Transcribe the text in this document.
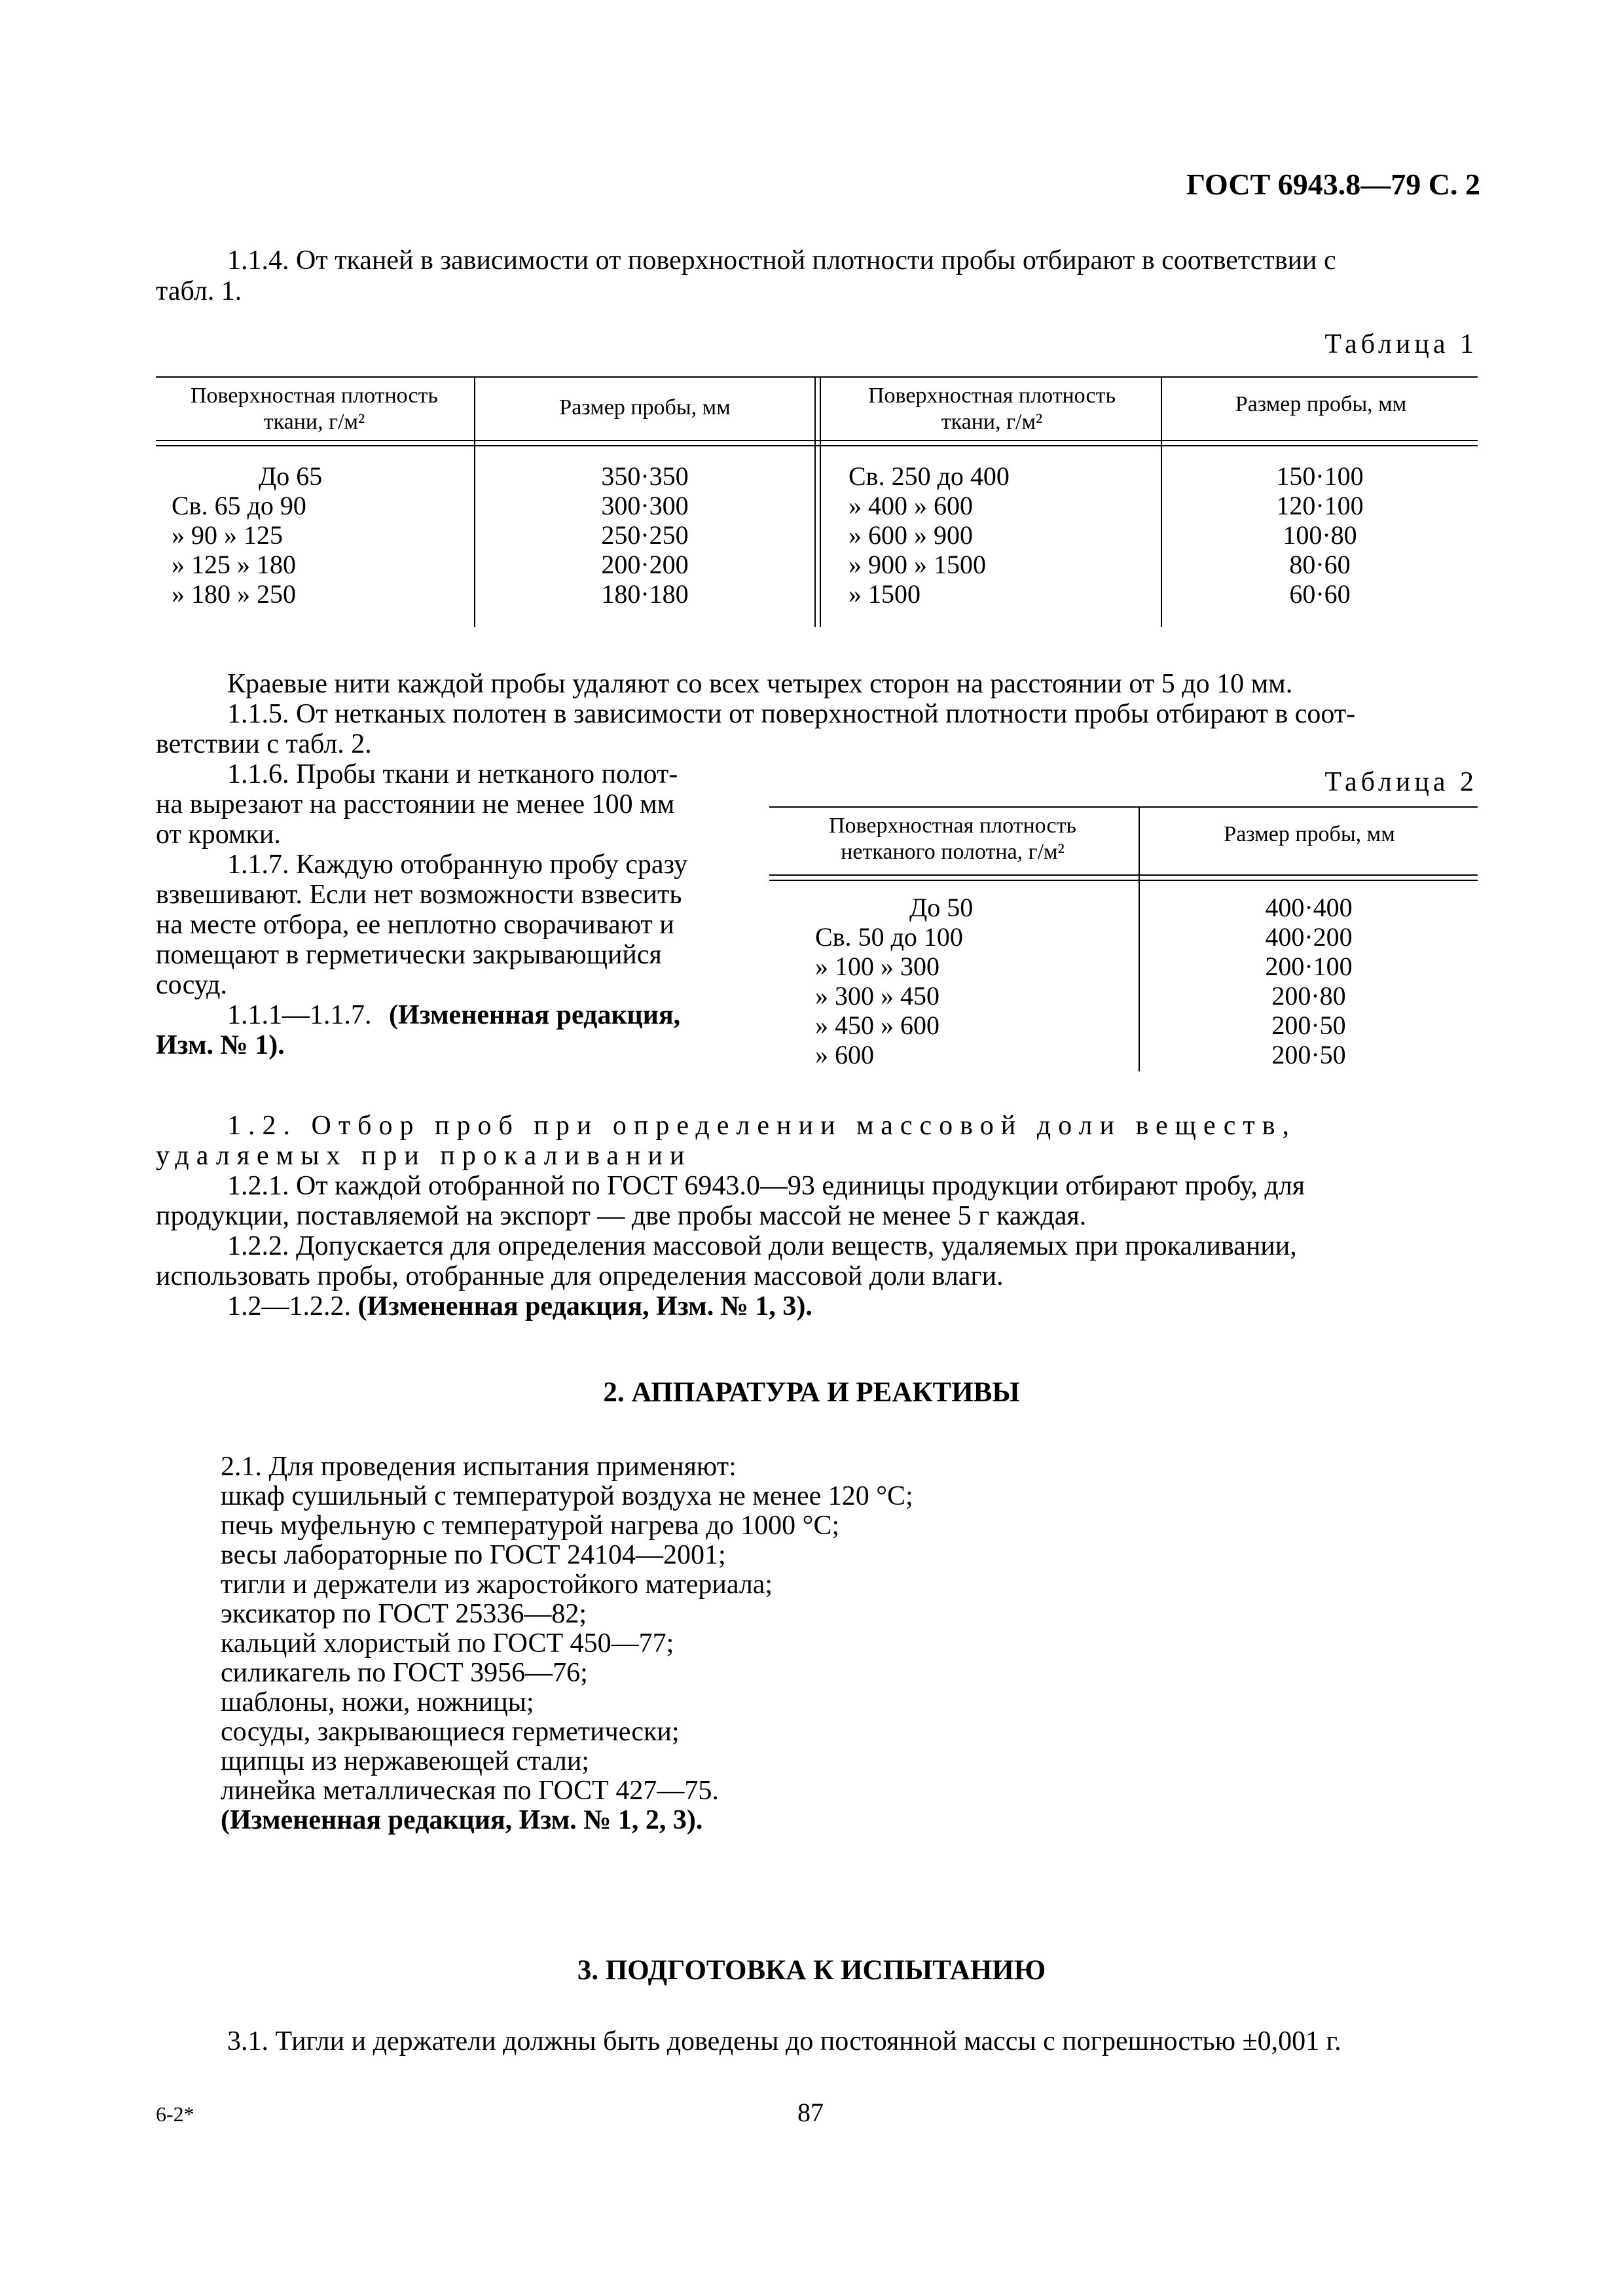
ГОСТ 6943.8—79 С. 2
1.1.4. От тканей в зависимости от поверхностной плотности пробы отбирают в соответствии с
табл. 1.
Таблица 1
Поверхностная плотность ткани, г/м²
Размер пробы, мм	Поверхностная плотность ткани, г/м²
Размер пробы, мм
До 65
Св. 65 до 90
» 90 » 125
» 125 » 180
» 180 » 250
350·350
300·300
250·250
200·200
180·180
Св. 250 до 400
» 400 » 600
» 600 » 900
» 900 » 1500
» 1500
150·100
120·100
100·80
80·60
60·60
Краевые нити каждой пробы удаляют со всех четырех сторон на расстоянии от 5 до 10 мм.
1.1.5. От нетканых полотен в зависимости от поверхностной плотности пробы отбирают в соот-
ветствии с табл. 2.
1.1.6. Пробы ткани и нетканого полот-
на вырезают на расстоянии не менее 100 мм
от кромки.
1.1.7. Каждую отобранную пробу сразу
взвешивают. Если нет возможности взвесить
на месте отбора, ее неплотно сворачивают и
помещают в герметически закрывающийся
сосуд.
1.1.1—1.1.7. (Измененная редакция,
Изм. № 1).
Таблица 2
Поверхностная плотность нетканого полотна, г/м²
Размер пробы, мм
До 50
Св. 50 до 100
» 100 » 300
» 300 » 450
» 450 » 600
» 600
400·400
400·200
200·100
200·80
200·50
200·50
1.2. Отбор проб при определении массовой доли веществ,
удаляемых при прокаливании
1.2.1. От каждой отобранной по ГОСТ 6943.0—93 единицы продукции отбирают пробу, для
продукции, поставляемой на экспорт — две пробы массой не менее 5 г каждая.
1.2.2. Допускается для определения массовой доли веществ, удаляемых при прокаливании,
использовать пробы, отобранные для определения массовой доли влаги.
1.2—1.2.2. (Измененная редакция, Изм. № 1, 3).
2. АППАРАТУРА И РЕАКТИВЫ
2.1. Для проведения испытания применяют:
шкаф сушильный с температурой воздуха не менее 120 °С;
печь муфельную с температурой нагрева до 1000 °С;
весы лабораторные по ГОСТ 24104—2001;
тигли и держатели из жаростойкого материала;
эксикатор по ГОСТ 25336—82;
кальций хлористый по ГОСТ 450—77;
силикагель по ГОСТ 3956—76;
шаблоны, ножи, ножницы;
сосуды, закрывающиеся герметически;
щипцы из нержавеющей стали;
линейка металлическая по ГОСТ 427—75.
(Измененная редакция, Изм. № 1, 2, 3).
3. ПОДГОТОВКА К ИСПЫТАНИЮ
3.1. Тигли и держатели должны быть доведены до постоянной массы с погрешностью ±0,001 г.
6-2*	87
